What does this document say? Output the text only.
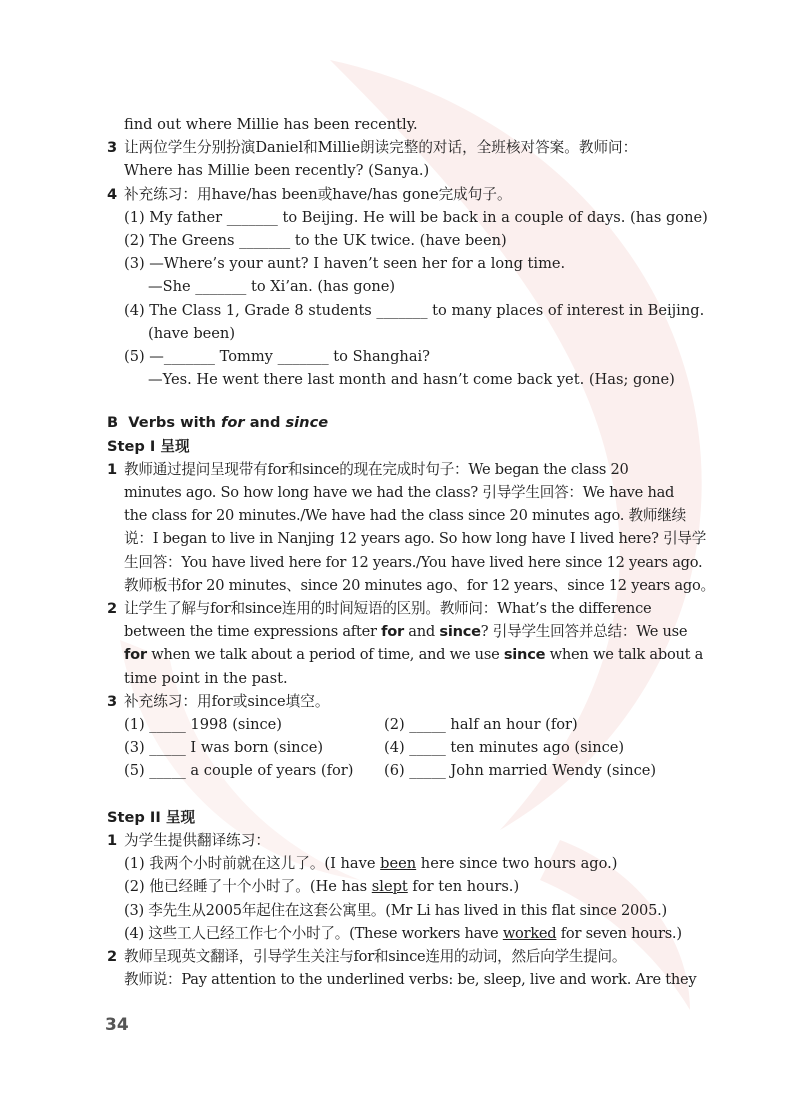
find out where Millie has been recently.
3 让两位学生分别扮演Daniel和Millie朗读完整的对话，全班核对答案。教师问：
Where has Millie been recently? (Sanya.)
4 补充练习：用have/has been或have/has gone完成句子。
(1) My father _______ to Beijing. He will be back in a couple of days. (has gone)
(2) The Greens _______ to the UK twice. (have been)
(3) —Where’s your aunt? I haven’t seen her for a long time.
—She _______ to Xi’an. (has gone)
(4) The Class 1, Grade 8 students _______ to many places of interest in Beijing.
(have been)
(5) —_______ Tommy _______ to Shanghai?
—Yes. He went there last month and hasn’t come back yet. (Has; gone)
B Verbs with for and since
Step I 呈现
1 教师通过提问呈现带有for和since的现在完成时句子：We began the class 20
minutes ago. So how long have we had the class? 引导学生回答：We have had
the class for 20 minutes./We have had the class since 20 minutes ago. 教师继续
说：I began to live in Nanjing 12 years ago. So how long have I lived here? 引导学
生回答：You have lived here for 12 years./You have lived here since 12 years ago.
教师板书for 20 minutes、since 20 minutes ago、for 12 years、since 12 years ago。
2 让学生了解与for和since连用的时间短语的区别。教师问：What’s the difference
between the time expressions after for and since? 引导学生回答并总结：We use
for when we talk about a period of time, and we use since when we talk about a
time point in the past.
3 补充练习：用for或since填空。
(1) _____ 1998 (since)	(2) _____ half an hour (for)
(3) _____ I was born (since)	(4) _____ ten minutes ago (since)
(5) _____ a couple of years (for)	(6) _____ John married Wendy (since)
Step II 呈现
1 为学生提供翻译练习：
(1) 我两个小时前就在这儿了。(I have been here since two hours ago.)
(2) 他已经睡了十个小时了。(He has slept for ten hours.)
(3) 李先生从2005年起住在这套公寓里。(Mr Li has lived in this flat since 2005.)
(4) 这些工人已经工作七个小时了。(These workers have worked for seven hours.)
2 教师呈现英文翻译，引导学生关注与for和since连用的动词，然后向学生提问。
教师说：Pay attention to the underlined verbs: be, sleep, live and work. Are they
34
